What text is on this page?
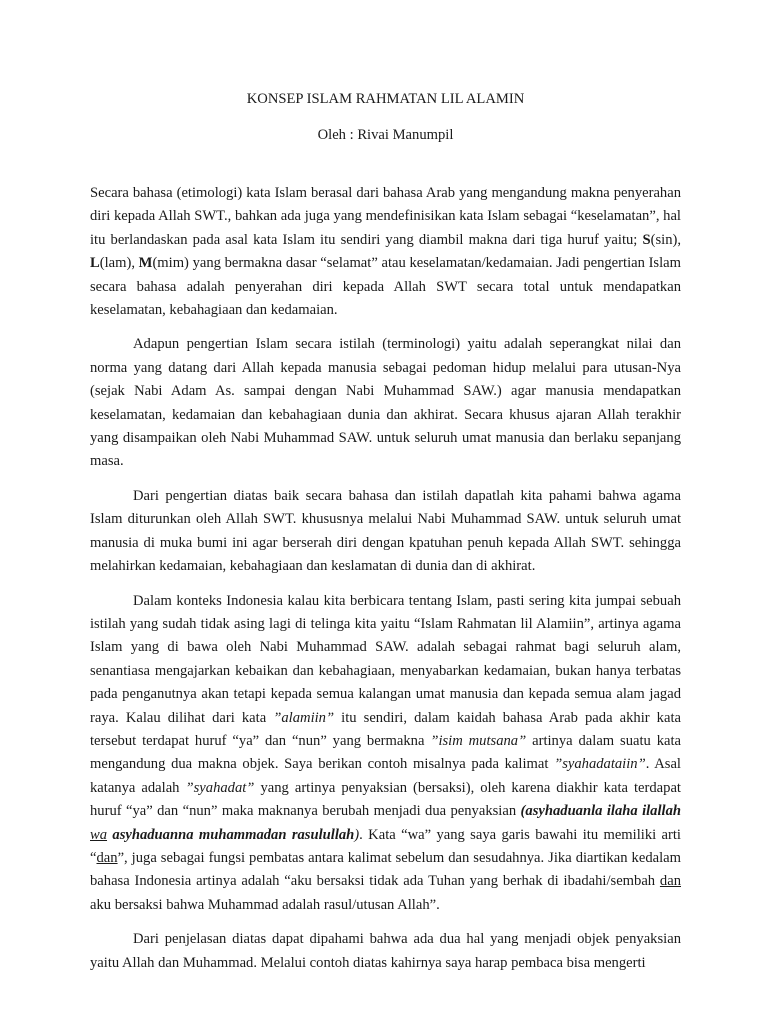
KONSEP ISLAM RAHMATAN LIL ALAMIN
Oleh : Rivai Manumpil

Secara bahasa (etimologi) kata Islam berasal dari bahasa Arab yang mengandung makna penyerahan diri kepada Allah SWT., bahkan ada juga yang mendefinisikan kata Islam sebagai “keselamatan”, hal itu berlandaskan pada asal kata Islam itu sendiri yang diambil makna dari tiga huruf yaitu; S(sin), L(lam), M(mim) yang bermakna dasar “selamat” atau keselamatan/kedamaian. Jadi pengertian Islam secara bahasa adalah penyerahan diri kepada Allah SWT secara total untuk mendapatkan keselamatan, kebahagiaan dan kedamaian.

Adapun pengertian Islam secara istilah (terminologi) yaitu adalah seperangkat nilai dan norma yang datang dari Allah kepada manusia sebagai pedoman hidup melalui para utusan-Nya (sejak Nabi Adam As. sampai dengan Nabi Muhammad SAW.) agar manusia mendapatkan keselamatan, kedamaian dan kebahagiaan dunia dan akhirat. Secara khusus ajaran Allah terakhir yang disampaikan oleh Nabi Muhammad SAW. untuk seluruh umat manusia dan berlaku sepanjang masa.

Dari pengertian diatas baik secara bahasa dan istilah dapatlah kita pahami bahwa agama Islam diturunkan oleh Allah SWT. khususnya melalui Nabi Muhammad SAW. untuk seluruh umat manusia di muka bumi ini agar berserah diri dengan kpatuhan penuh kepada Allah SWT. sehingga melahirkan kedamaian, kebahagiaan dan keslamatan di dunia dan di akhirat.

Dalam konteks Indonesia kalau kita berbicara tentang Islam, pasti sering kita jumpai sebuah istilah yang sudah tidak asing lagi di telinga kita yaitu “Islam Rahmatan lil Alamiin”, artinya agama Islam yang di bawa oleh Nabi Muhammad SAW. adalah sebagai rahmat bagi seluruh alam, senantiasa mengajarkan kebaikan dan kebahagiaan, menyabarkan kedamaian, bukan hanya terbatas pada penganutnya akan tetapi kepada semua kalangan umat manusia dan kepada semua alam jagad raya. Kalau dilihat dari kata ”alamiin” itu sendiri, dalam kaidah bahasa Arab pada akhir kata tersebut terdapat huruf “ya” dan “nun” yang bermakna ”isim mutsana” artinya dalam suatu kata mengandung dua makna objek. Saya berikan contoh misalnya pada kalimat ”syahadataiin”. Asal katanya adalah ”syahadat” yang artinya penyaksian (bersaksi), oleh karena diakhir kata terdapat huruf “ya” dan “nun” maka maknanya berubah menjadi dua penyaksian (asyhaduanla ilaha ilallah wa asyhaduanna muhammadan rasulullah). Kata “wa” yang saya garis bawahi itu memiliki arti “dan”, juga sebagai fungsi pembatas antara kalimat sebelum dan sesudahnya. Jika diartikan kedalam bahasa Indonesia artinya adalah “aku bersaksi tidak ada Tuhan yang berhak di ibadahi/sembah dan aku bersaksi bahwa Muhammad adalah rasul/utusan Allah”.

Dari penjelasan diatas dapat dipahami bahwa ada dua hal yang menjadi objek penyaksian yaitu Allah dan Muhammad. Melalui contoh diatas kahirnya saya harap pembaca bisa mengerti
